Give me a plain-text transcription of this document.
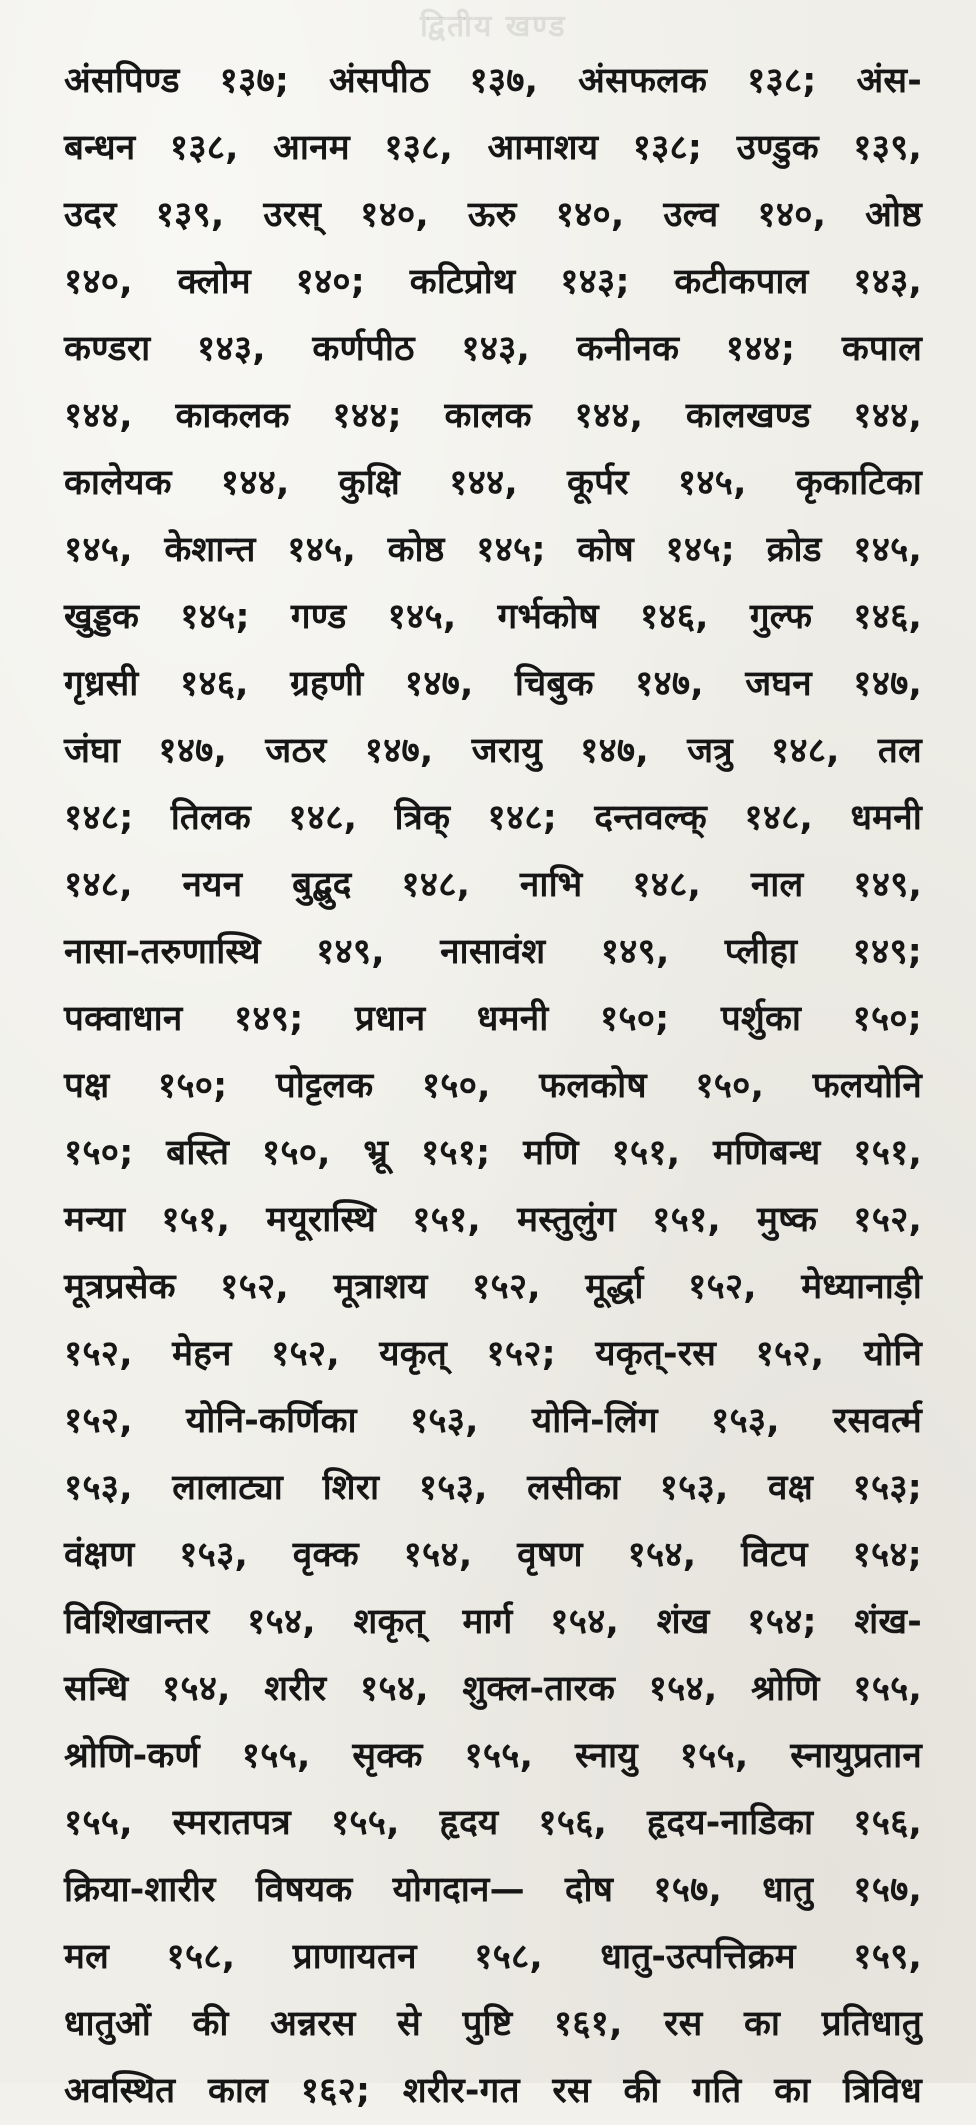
द्वितीय खण्ड
अंसपिण्ड १३७; अंसपीठ १३७, अंसफलक १३८; अंस-
बन्धन १३८, आनम १३८, आमाशय १३८; उण्डुक १३९,
उदर १३९, उरस् १४०, ऊरु १४०, उल्व १४०, ओष्ठ
१४०, क्लोम १४०; कटिप्रोथ १४३; कटीकपाल १४३,
कण्डरा १४३, कर्णपीठ १४३, कनीनक १४४; कपाल
१४४, काकलक १४४; कालक १४४, कालखण्ड १४४,
कालेयक १४४, कुक्षि १४४, कूर्पर १४५, कृकाटिका
१४५, केशान्त १४५, कोष्ठ १४५; कोष १४५; क्रोड १४५,
खुड्डक १४५; गण्ड १४५, गर्भकोष १४६, गुल्फ १४६,
गृध्रसी १४६, ग्रहणी १४७, चिबुक १४७, जघन १४७,
जंघा १४७, जठर १४७, जरायु १४७, जत्रु १४८, तल
१४८; तिलक १४८, त्रिक् १४८; दन्तवल्क् १४८, धमनी
१४८, नयन बुद्बुद १४८, नाभि १४८, नाल १४९,
नासा-तरुणास्थि १४९, नासावंश १४९, प्लीहा १४९;
पक्वाधान १४९; प्रधान धमनी १५०; पर्शुका १५०;
पक्ष १५०; पोट्टलक १५०, फलकोष १५०, फलयोनि
१५०; बस्ति १५०, भ्रू १५१; मणि १५१, मणिबन्ध १५१,
मन्या १५१, मयूरास्थि १५१, मस्तुलुंग १५१, मुष्क १५२,
मूत्रप्रसेक १५२, मूत्राशय १५२, मूर्द्धा १५२, मेध्यानाड़ी
१५२, मेहन १५२, यकृत् १५२; यकृत्-रस १५२, योनि
१५२, योनि-कर्णिका १५३, योनि-लिंग १५३, रसवर्त्म
१५३, लालाट्या शिरा १५३, लसीका १५३, वक्ष १५३;
वंक्षण १५३, वृक्क १५४, वृषण १५४, विटप १५४;
विशिखान्तर १५४, शकृत् मार्ग १५४, शंख १५४; शंख-
सन्धि १५४, शरीर १५४, शुक्ल-तारक १५४, श्रोणि १५५,
श्रोणि-कर्ण १५५, सृक्क १५५, स्नायु १५५, स्नायुप्रतान
१५५, स्मरातपत्र १५५, हृदय १५६, हृदय-नाडिका १५६,
क्रिया-शारीर विषयक योगदान— दोष १५७, धातु १५७,
मल १५८, प्राणायतन १५८, धातु-उत्पत्तिक्रम १५९,
धातुओं की अन्नरस से पुष्टि १६१, रस का प्रतिधातु
अवस्थित काल १६२; शरीर-गत रस की गति का त्रिविध
